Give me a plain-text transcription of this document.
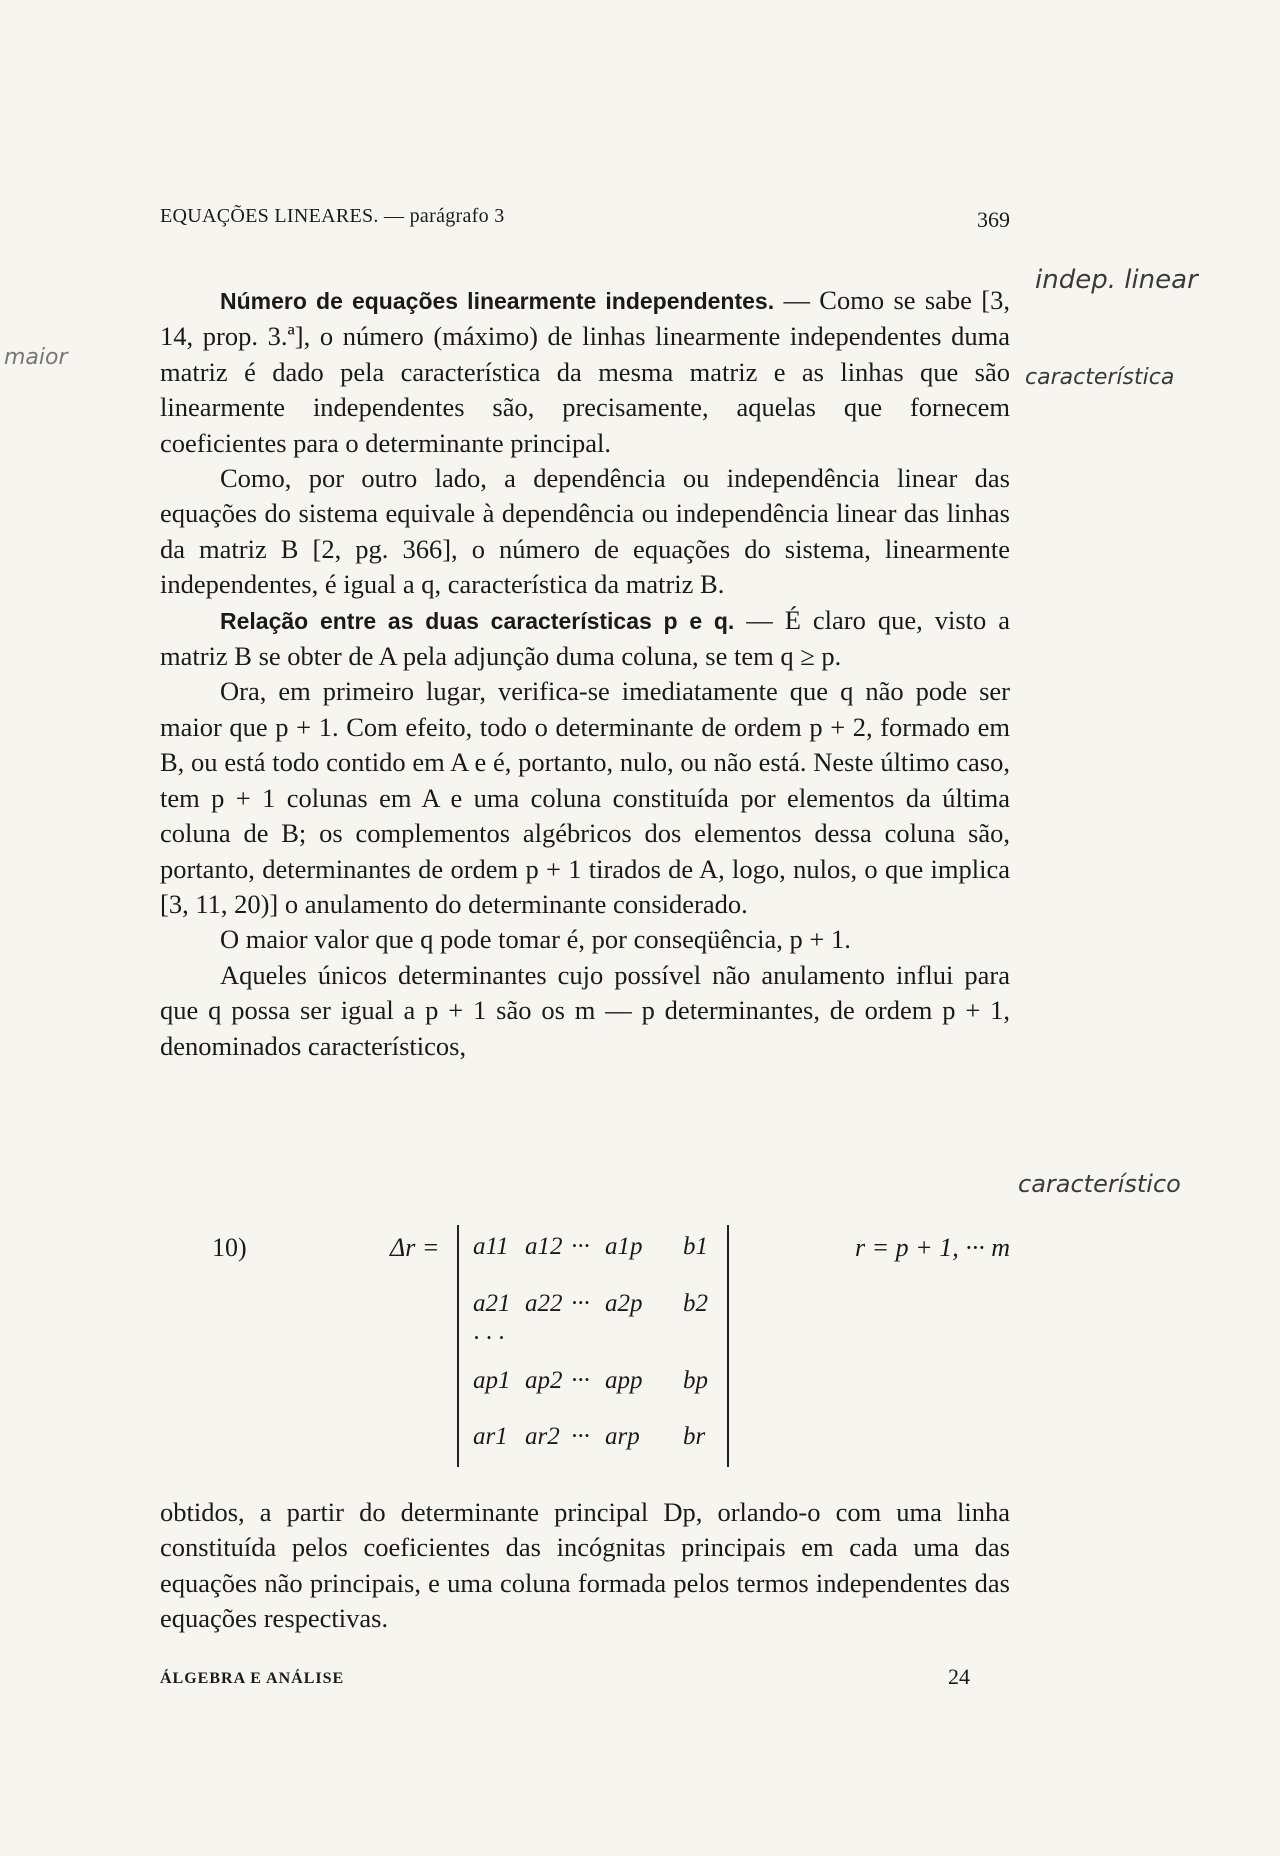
EQUAÇÕES LINEARES. — parágrafo 3	369

Número de equações linearmente independentes. — Como se sabe [3, 14, prop. 3.ª], o número (máximo) de linhas linearmente independentes duma matriz é dado pela característica da mesma matriz e as linhas que são linearmente independentes são, precisamente, aquelas que fornecem coeficientes para o determinante principal.

Como, por outro lado, a dependência ou independência linear das equações do sistema equivale à dependência ou independência linear das linhas da matriz B [2, pg. 366], o número de equações do sistema, linearmente independentes, é igual a q, característica da matriz B.

Relação entre as duas características p e q. — É claro que, visto a matriz B se obter de A pela adjunção duma coluna, se tem q ≥ p.

Ora, em primeiro lugar, verifica-se imediatamente que q não pode ser maior que p + 1. Com efeito, todo o determinante de ordem p + 2, formado em B, ou está todo contido em A e é, portanto, nulo, ou não está. Neste último caso, tem p + 1 colunas em A e uma coluna constituída por elementos da última coluna de B; os complementos algébricos dos elementos dessa coluna são, portanto, determinantes de ordem p + 1 tirados de A, logo, nulos, o que implica [3, 11, 20)] o anulamento do determinante considerado.

O maior valor que q pode tomar é, por conseqüência, p + 1.

Aqueles únicos determinantes cujo possível não anulamento influi para que q possa ser igual a p + 1 são os m — p determinantes, de ordem p + 1, denominados característicos,

10)	Δr = a11 a12 ··· a1p b1
a21 a22 ··· a2p b2
· · ·
ap1 ap2 ··· app bp
ar1 ar2 ··· arp br
r = p + 1, ··· m

obtidos, a partir do determinante principal Dp, orlando-o com uma linha constituída pelos coeficientes das incógnitas principais em cada uma das equações não principais, e uma coluna formada pelos termos independentes das equações respectivas.

ÁLGEBRA E ANÁLISE	24
maior
indep. linear
característica
característico
